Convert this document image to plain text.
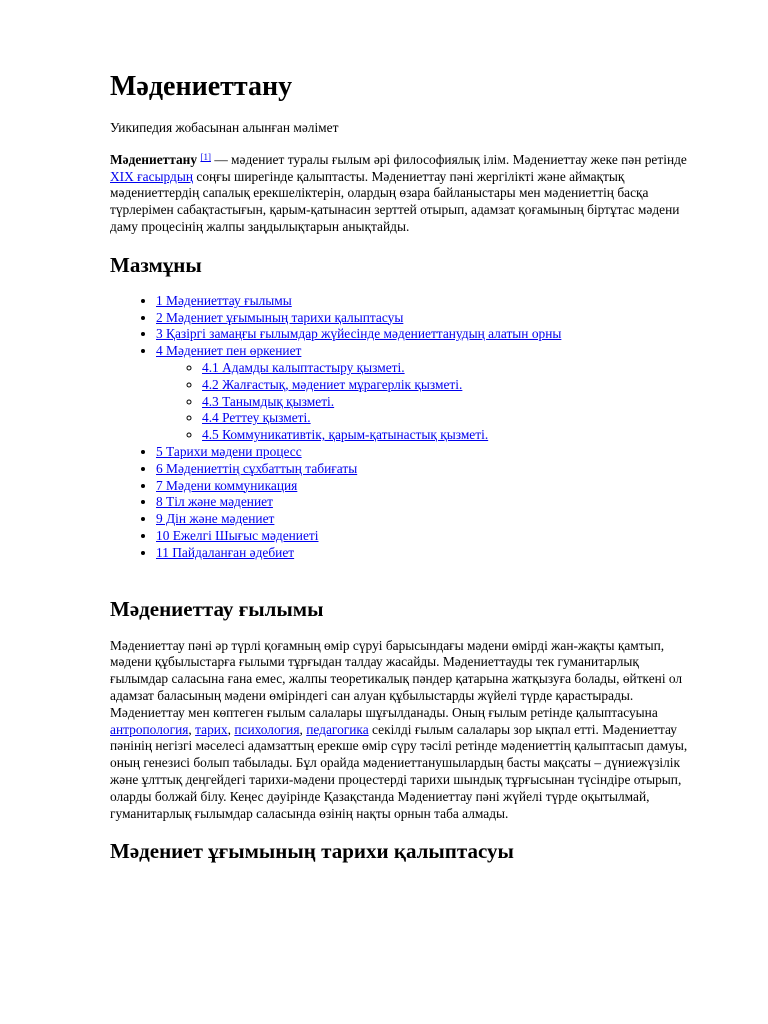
Мәдениеттану
Уикипедия жобасынан алынған мәлімет

Мәдениеттану [1] — мәдениет туралы ғылым әрі философиялық ілім. Мәдениеттау жеке пән ретінде XIX ғасырдың соңғы ширегінде қалыптасты. Мәдениеттау пәні жергілікті және аймақтық мәдениеттердің сапалық ерекшеліктерін, олардың өзара байланыстары мен мәдениеттің басқа түрлерімен сабақтастығын, қарым-қатынасин зерттей отырып, адамзат қоғамының біртұтас мәдени даму процесінің жалпы заңдылықтарын анықтайды.

Мазмұны
• 1 Мәдениеттау ғылымы
• 2 Мәдениет ұғымының тарихи қалыптасуы
• 3 Қазіргі замаңғы ғылымдар жүйесінде мәдениеттанудың алатын орны
• 4 Мәдениет пен өркениет
◦ 4.1 Адамды калыптастыру қызметі.
◦ 4.2 Жалғастық, мәдениет мұрагерлік қызметі.
◦ 4.3 Танымдық қызметі.
◦ 4.4 Реттеу қызметі.
◦ 4.5 Коммуникативтік, қарым-қатынастық қызметі.
• 5 Тарихи мәдени процесс
• 6 Мәдениеттің сұхбаттың табиғаты
• 7 Мәдени коммуникация
• 8 Тіл және мәдениет
• 9 Дін және мәдениет
• 10 Ежелгі Шығыс мәдениеті
• 11 Пайдаланған әдебиет
Мәдениеттау ғылымы

Мәдениеттау пәні әр түрлі қоғамның өмір сүруі барысындағы мәдени өмірді жан-жақты қамтып, мәдени құбылыстарға ғылыми тұрғыдан талдау жасайды. Мәдениеттауды тек гуманитарлық ғылымдар саласына ғана емес, жалпы теоретикалық пәндер қатарына жатқызуға болады, өйткені ол адамзат баласының мәдени өміріндегі сан алуан құбылыстарды жүйелі түрде қарастырады. Мәдениеттау мен көптеген ғылым салалары шұғылданады. Оның ғылым ретінде қалыптасуына антропология, тарих, психология, педагогика секілді ғылым салалары зор ықпал етті. Мәдениеттау пәнінің негізгі мәселесі адамзаттың ерекше өмір сүру тәсілі ретінде мәдениеттің қалыптасып дамуы, оның генезисі болып табылады. Бұл орайда мәдениеттанушылардың басты мақсаты – дүниежүзілік және ұлттық деңгейдегі тарихи-мәдени процестерді тарихи шындық тұрғысынан түсіндіре отырып, оларды болжай білу. Кеңес дәуірінде Қазақстанда Мәдениеттау пәні жүйелі түрде оқытылмай, гуманитарлық ғылымдар саласында өзінің нақты орнын таба алмады.

Мәдениет ұғымының тарихи қалыптасуы
